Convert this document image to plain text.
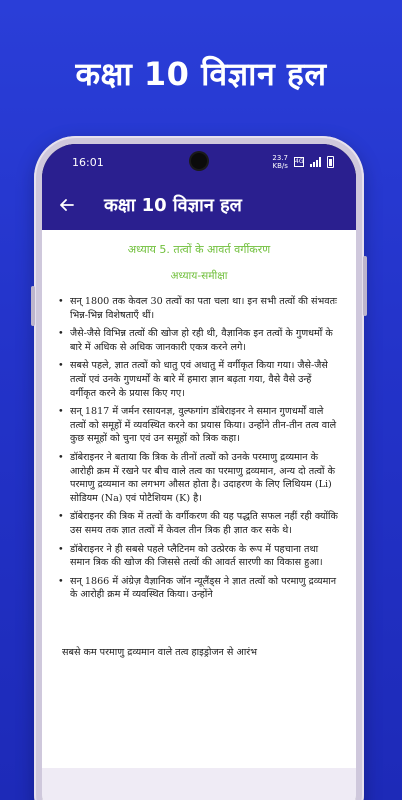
कक्षा 10 विज्ञान हल
16:01	23.7
KB/s
4G
कक्षा 10 विज्ञान हल
अध्याय 5. तत्वों के आवर्त वर्गीकरण
अध्याय-समीक्षा
• सन् 1800 तक केवल 30 तत्वों का पता चला था। इन सभी तत्वों की संभवतः भिन्न-भिन्न विशेषताएँ थीं।
• जैसे-जैसे विभिन्न तत्वों की खोज हो रही थी, वैज्ञानिक इन तत्वों के गुणधर्मों के बारे में अधिक से अधिक जानकारी एकत्र करने लगे।
• सबसे पहले, ज्ञात तत्वों को धातु एवं अधातु में वर्गीकृत किया गया। जैसे-जैसे तत्वों एवं उनके गुणधर्मों के बारे में हमारा ज्ञान बढ़ता गया, वैसे वैसे उन्हें वर्गीकृत करने के प्रयास किए गए।
• सन् 1817 में जर्मन रसायनज्ञ, वुल्फगांग डॉबेराइनर ने समान गुणधर्मों वाले तत्वों को समूहों में व्यवस्थित करने का प्रयास किया। उन्होंने तीन-तीन तत्व वाले कुछ समूहों को चुना एवं उन समूहों को त्रिक कहा।
• डॉबेराइनर ने बताया कि त्रिक के तीनों तत्वों को उनके परमाणु द्रव्यमान के आरोही क्रम में रखने पर बीच वाले तत्व का परमाणु द्रव्यमान, अन्य दो तत्वों के परमाणु द्रव्यमान का लगभग औसत होता है। उदाहरण के लिए लिथियम (Li) सोडियम (Na) एवं पोटैशियम (K) है।
• डॉबेराइनर की त्रिक में तत्वों के वर्गीकरण की यह पद्धति सफल नहीं रही क्योंकि उस समय तक ज्ञात तत्वों में केवल तीन त्रिक ही ज्ञात कर सके थे।
• डॉबेराइनर ने ही सबसे पहले प्लैटिनम को उत्प्रेरक के रूप में पहचाना तथा समान त्रिक की खोज की जिससे तत्वों की आवर्त सारणी का विकास हुआ।
• सन् 1866 में अंग्रेज़ वैज्ञानिक जॉन न्यूलैंड्स ने ज्ञात तत्वों को परमाणु द्रव्यमान के आरोही क्रम में व्यवस्थित किया। उन्होंने
सबसे कम परमाणु द्रव्यमान वाले तत्व हाइड्रोजन से आरंभ
